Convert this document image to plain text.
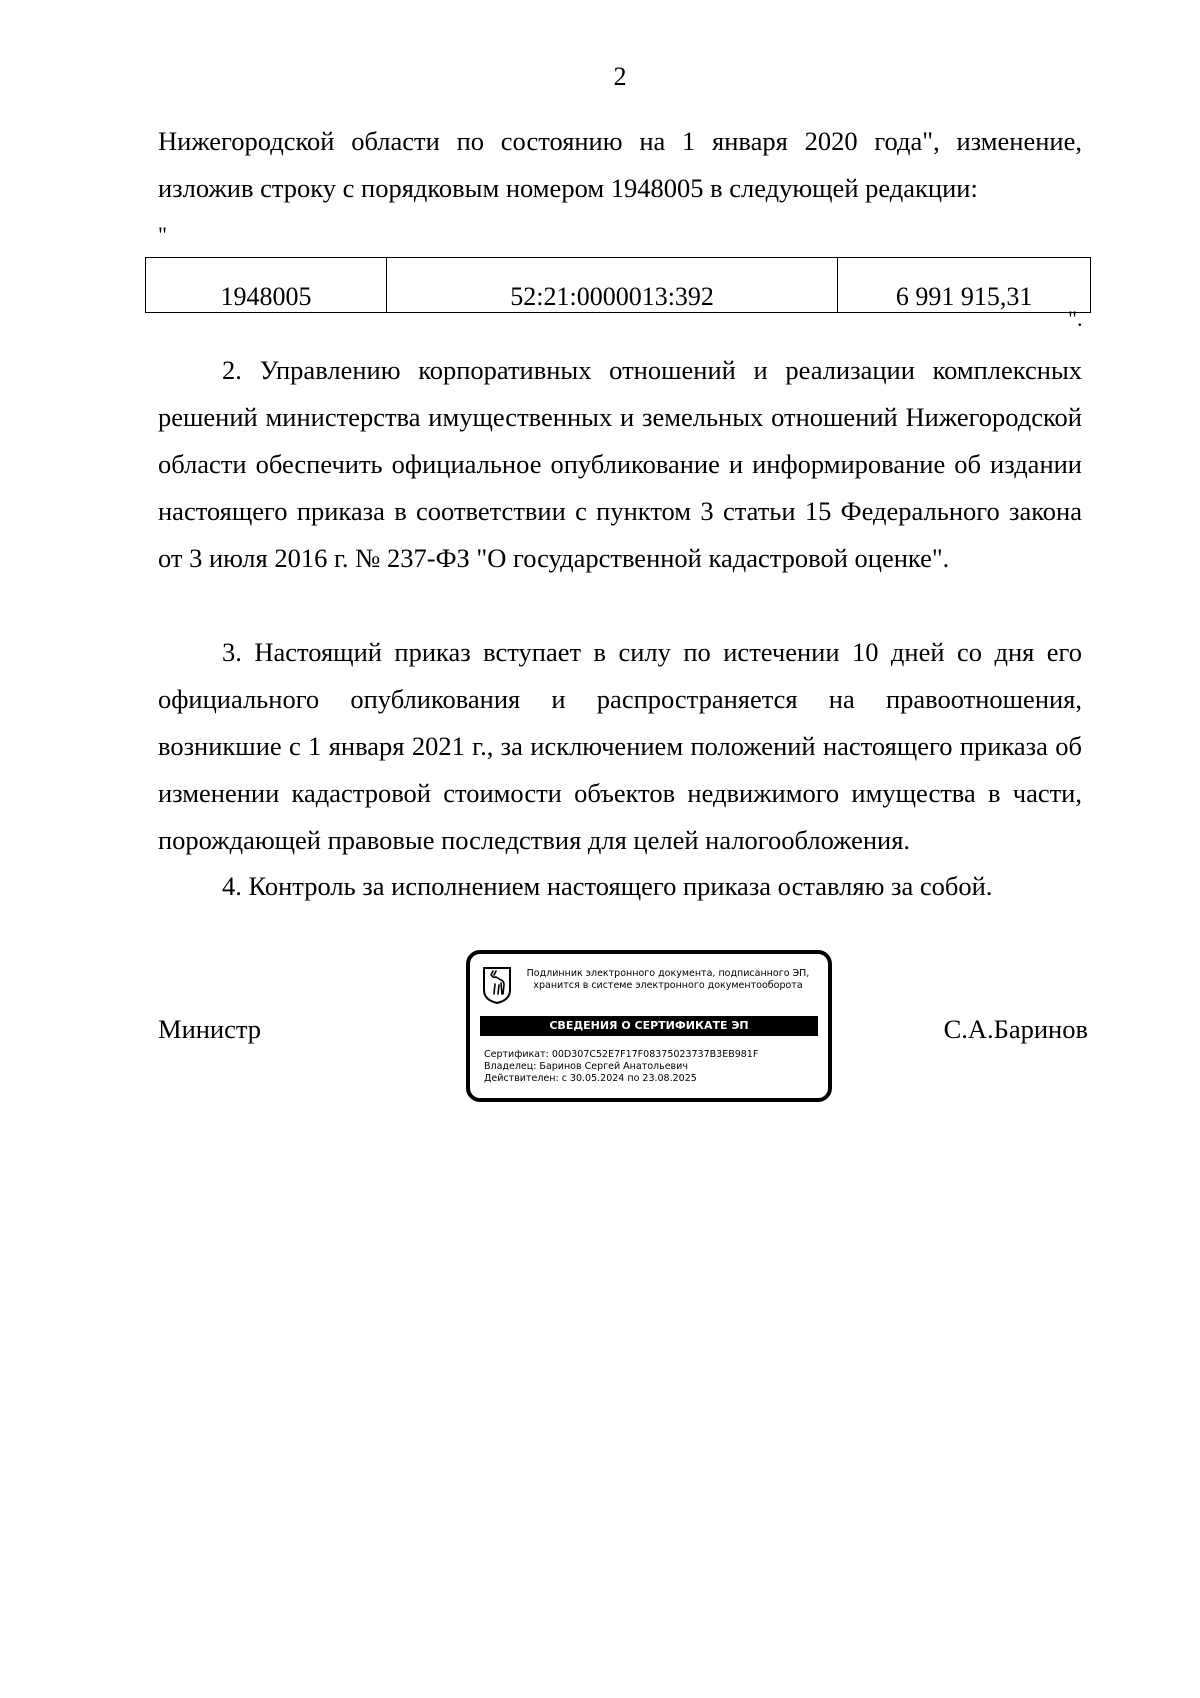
2
Нижегородской области по состоянию на 1 января 2020 года", изменение,
изложив строку с порядковым номером 1948005 в следующей редакции:
"
1948005	52:21:0000013:392	6 991 915,31
".
2. Управлению корпоративных отношений и реализации комплексных решений министерства имущественных и земельных отношений Нижегородской области обеспечить официальное опубликование и информирование об издании настоящего приказа в соответствии с пунктом 3 статьи 15 Федерального закона от 3 июля 2016 г. № 237-ФЗ "О государственной кадастровой оценке".
3. Настоящий приказ вступает в силу по истечении 10 дней со дня его официального опубликования и распространяется на правоотношения, возникшие с 1 января 2021 г., за исключением положений настоящего приказа об изменении кадастровой стоимости объектов недвижимого имущества в части, порождающей правовые последствия для целей налогообложения.
4. Контроль за исполнением настоящего приказа оставляю за собой.
Министр
Подлинник электронного документа, подписанного ЭП,
хранится в системе электронного документооборота
СВЕДЕНИЯ О СЕРТИФИКАТЕ ЭП
Сертификат: 00D307C52E7F17F08375023737B3EB981F
Владелец: Баринов Сергей Анатольевич
Действителен: с 30.05.2024 по 23.08.2025
С.А.Баринов
